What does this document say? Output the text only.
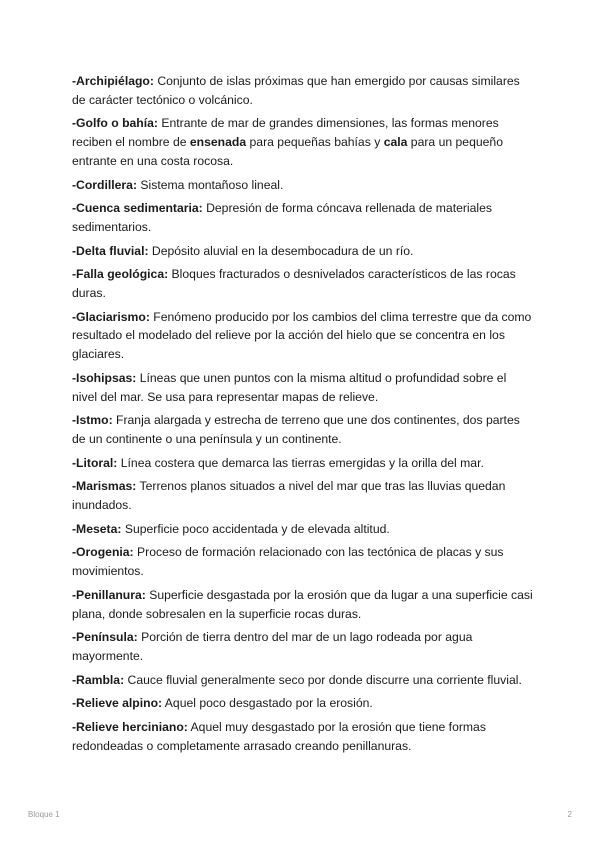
-Archipiélago: Conjunto de islas próximas que han emergido por causas similares de carácter tectónico o volcánico.

-Golfo o bahía: Entrante de mar de grandes dimensiones, las formas menores reciben el nombre de ensenada para pequeñas bahías y cala para un pequeño entrante en una costa rocosa.

-Cordillera: Sistema montañoso lineal.

-Cuenca sedimentaria: Depresión de forma cóncava rellenada de materiales sedimentarios.

-Delta fluvial: Depósito aluvial en la desembocadura de un río.

-Falla geológica: Bloques fracturados o desnivelados característicos de las rocas duras.

-Glaciarismo: Fenómeno producido por los cambios del clima terrestre que da como resultado el modelado del relieve por la acción del hielo que se concentra en los glaciares.

-Isohipsas: Líneas que unen puntos con la misma altitud o profundidad sobre el nivel del mar. Se usa para representar mapas de relieve.

-Istmo: Franja alargada y estrecha de terreno que une dos continentes, dos partes de un continente o una península y un continente.

-Litoral: Línea costera que demarca las tierras emergidas y la orilla del mar.

-Marismas: Terrenos planos situados a nivel del mar que tras las lluvias quedan inundados.

-Meseta: Superficie poco accidentada y de elevada altitud.

-Orogenia: Proceso de formación relacionado con las tectónica de placas y sus movimientos.

-Penillanura: Superficie desgastada por la erosión que da lugar a una superficie casi plana, donde sobresalen en la superficie rocas duras.

-Península: Porción de tierra dentro del mar de un lago rodeada por agua mayormente.

-Rambla: Cauce fluvial generalmente seco por donde discurre una corriente fluvial.

-Relieve alpino: Aquel poco desgastado por la erosión.

-Relieve herciniano: Aquel muy desgastado por la erosión que tiene formas redondeadas o completamente arrasado creando penillanuras.

Bloque 1	2
